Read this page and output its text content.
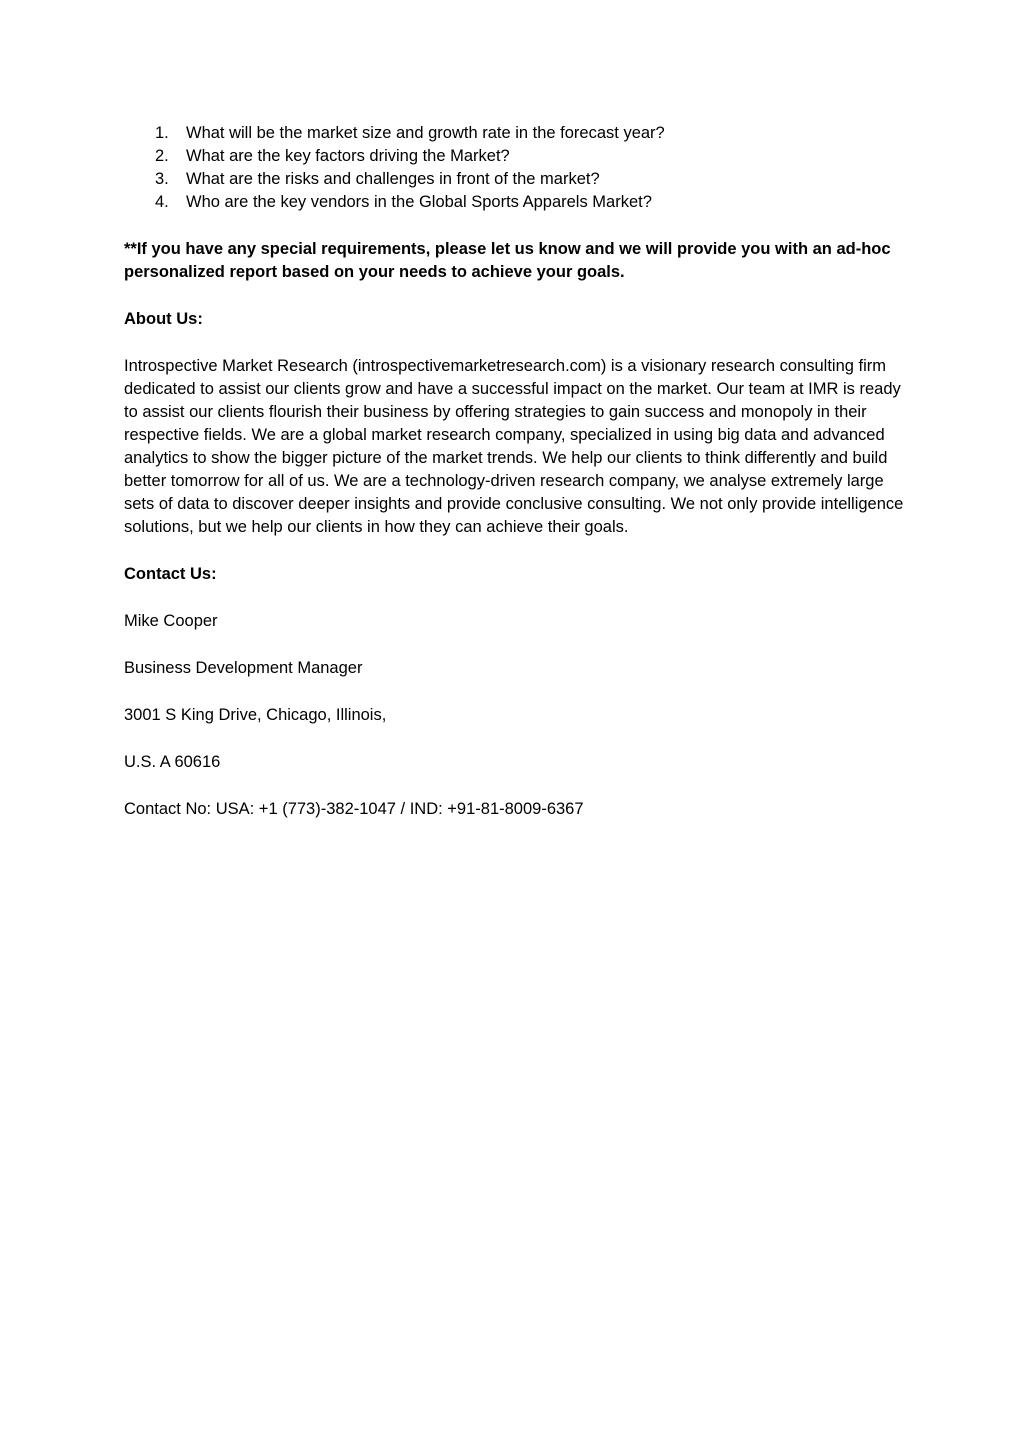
1. What will be the market size and growth rate in the forecast year?
2. What are the key factors driving the Market?
3. What are the risks and challenges in front of the market?
4. Who are the key vendors in the Global Sports Apparels Market?

**If you have any special requirements, please let us know and we will provide you with an ad-hoc personalized report based on your needs to achieve your goals.

About Us:

Introspective Market Research (introspectivemarketresearch.com) is a visionary research consulting firm dedicated to assist our clients grow and have a successful impact on the market. Our team at IMR is ready to assist our clients flourish their business by offering strategies to gain success and monopoly in their respective fields. We are a global market research company, specialized in using big data and advanced analytics to show the bigger picture of the market trends. We help our clients to think differently and build better tomorrow for all of us. We are a technology-driven research company, we analyse extremely large sets of data to discover deeper insights and provide conclusive consulting. We not only provide intelligence solutions, but we help our clients in how they can achieve their goals.

Contact Us:

Mike Cooper

Business Development Manager

3001 S King Drive, Chicago, Illinois,

U.S. A 60616

Contact No: USA: +1 (773)-382-1047 / IND: +91-81-8009-6367
